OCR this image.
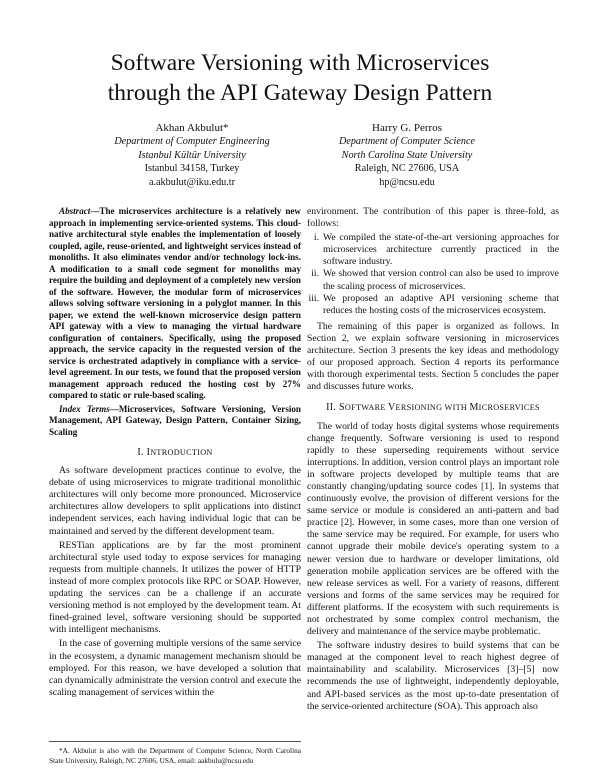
Software Versioning with Microservices
through the API Gateway Design Pattern
Akhan Akbulut*
Department of Computer Engineering
Istanbul Kültür University
Istanbul 34158, Turkey
a.akbulut@iku.edu.tr
Harry G. Perros
Department of Computer Science
North Carolina State University
Raleigh, NC 27606, USA
hp@ncsu.edu

Abstract—The microservices architecture is a relatively new approach in implementing service-oriented systems. This cloud-native architectural style enables the implementation of loosely coupled, agile, reuse-oriented, and lightweight services instead of monoliths. It also eliminates vendor and/or technology lock-ins. A modification to a small code segment for monoliths may require the building and deployment of a completely new version of the software. However, the modular form of microservices allows solving software versioning in a polyglot manner. In this paper, we extend the well-known microservice design pattern API gateway with a view to managing the virtual hardware configuration of containers. Specifically, using the proposed approach, the service capacity in the requested version of the service is orchestrated adaptively in compliance with a service-level agreement. In our tests, we found that the proposed version management approach reduced the hosting cost by 27% compared to static or rule-based scaling.

Index Terms—Microservices, Software Versioning, Version Management, API Gateway, Design Pattern, Container Sizing, Scaling

I. INTRODUCTION

As software development practices continue to evolve, the debate of using microservices to migrate traditional monolithic architectures will only become more pronounced. Microservice architectures allow developers to split applications into distinct independent services, each having individual logic that can be maintained and served by the different development team.

RESTian applications are by far the most prominent architectural style used today to expose services for managing requests from multiple channels. It utilizes the power of HTTP instead of more complex protocols like RPC or SOAP. However, updating the services can be a challenge if an accurate versioning method is not employed by the development team. At fined-grained level, software versioning should be supported with intelligent mechanisms.

In the case of governing multiple versions of the same service in the ecosystem, a dynamic management mechanism should be employed. For this reason, we have developed a solution that can dynamically administrate the version control and execute the scaling management of services within the

*A. Akbulut is also with the Department of Computer Science, North Carolina State University, Raleigh, NC 27606, USA, email: aakbulu@ncsu.edu

environment. The contribution of this paper is three-fold, as follows:

i. We compiled the state-of-the-art versioning approaches for microservices architecture currently practiced in the software industry.
ii. We showed that version control can also be used to improve the scaling process of microservices.
iii. We proposed an adaptive API versioning scheme that reduces the hosting costs of the microservices ecosystem.

The remaining of this paper is organized as follows. In Section 2, we explain software versioning in microservices architecture. Section 3 presents the key ideas and methodology of our proposed approach. Section 4 reports its performance with thorough experimental tests. Section 5 concludes the paper and discusses future works.

II. SOFTWARE VERSIONING WITH MICROSERVICES

The world of today hosts digital systems whose requirements change frequently. Software versioning is used to respond rapidly to these superseding requirements without service interruptions. In addition, version control plays an important role in software projects developed by multiple teams that are constantly changing/updating source codes [1]. In systems that continuously evolve, the provision of different versions for the same service or module is considered an anti-pattern and bad practice [2]. However, in some cases, more than one version of the same service may be required. For example, for users who cannot upgrade their mobile device's operating system to a newer version due to hardware or developer limitations, old generation mobile application services are be offered with the new release services as well. For a variety of reasons, different versions and forms of the same services may be required for different platforms. If the ecosystem with such requirements is not orchestrated by some complex control mechanism, the delivery and maintenance of the service maybe problematic.

The software industry desires to build systems that can be managed at the component level to reach highest degree of maintainability and scalability. Microservices [3]–[5] now recommends the use of lightweight, independently deployable, and API-based services as the most up-to-date presentation of the service-oriented architecture (SOA). This approach also
